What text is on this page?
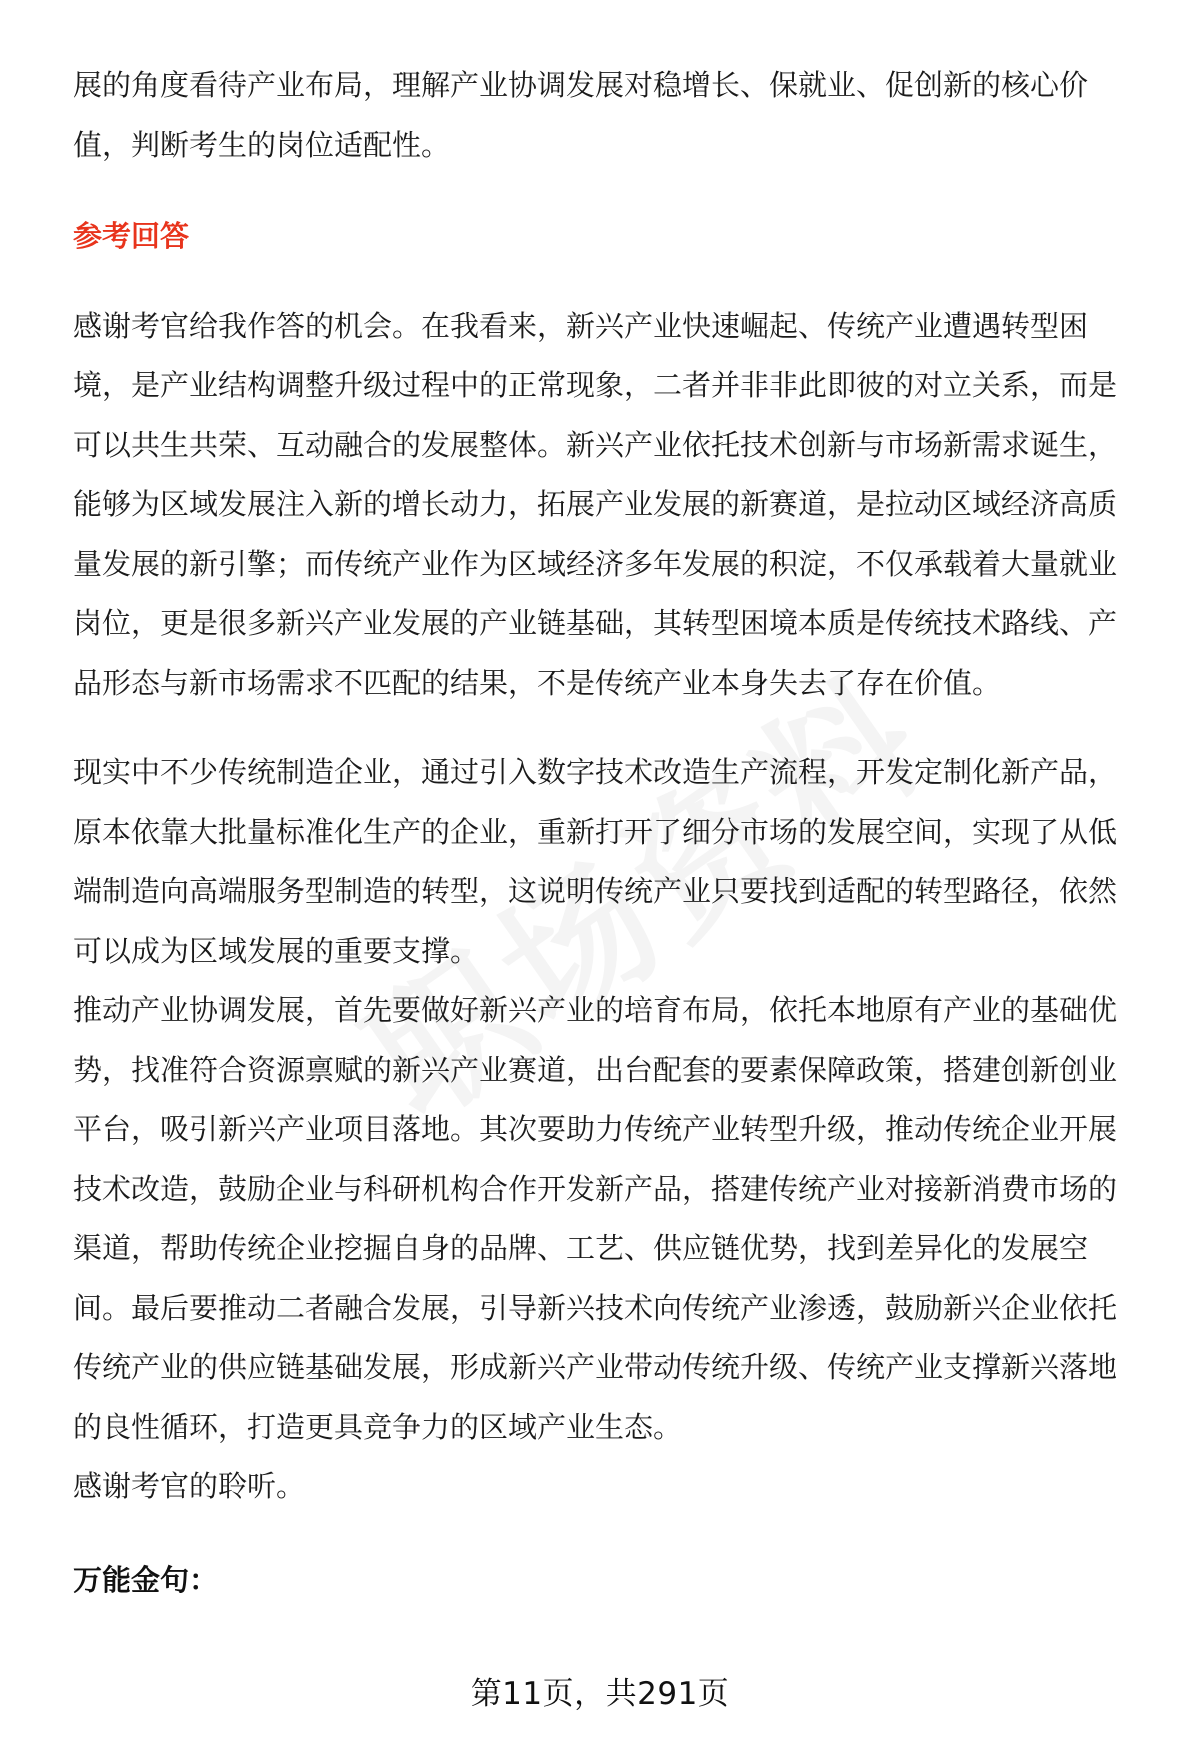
展的角度看待产业布局，理解产业协调发展对稳增长、保就业、促创新的核心价
值，判断考生的岗位适配性。
参考回答
感谢考官给我作答的机会。在我看来，新兴产业快速崛起、传统产业遭遇转型困
境，是产业结构调整升级过程中的正常现象，二者并非非此即彼的对立关系，而是
可以共生共荣、互动融合的发展整体。新兴产业依托技术创新与市场新需求诞生，
能够为区域发展注入新的增长动力，拓展产业发展的新赛道，是拉动区域经济高质
量发展的新引擎；而传统产业作为区域经济多年发展的积淀，不仅承载着大量就业
岗位，更是很多新兴产业发展的产业链基础，其转型困境本质是传统技术路线、产
品形态与新市场需求不匹配的结果，不是传统产业本身失去了存在价值。
现实中不少传统制造企业，通过引入数字技术改造生产流程，开发定制化新产品，
原本依靠大批量标准化生产的企业，重新打开了细分市场的发展空间，实现了从低
端制造向高端服务型制造的转型，这说明传统产业只要找到适配的转型路径，依然
可以成为区域发展的重要支撑。
推动产业协调发展，首先要做好新兴产业的培育布局，依托本地原有产业的基础优
势，找准符合资源禀赋的新兴产业赛道，出台配套的要素保障政策，搭建创新创业
平台，吸引新兴产业项目落地。其次要助力传统产业转型升级，推动传统企业开展
技术改造，鼓励企业与科研机构合作开发新产品，搭建传统产业对接新消费市场的
渠道，帮助传统企业挖掘自身的品牌、工艺、供应链优势，找到差异化的发展空
间。最后要推动二者融合发展，引导新兴技术向传统产业渗透，鼓励新兴企业依托
传统产业的供应链基础发展，形成新兴产业带动传统升级、传统产业支撑新兴落地
的良性循环，打造更具竞争力的区域产业生态。
感谢考官的聆听。
万能金句：
第11页，共291页
